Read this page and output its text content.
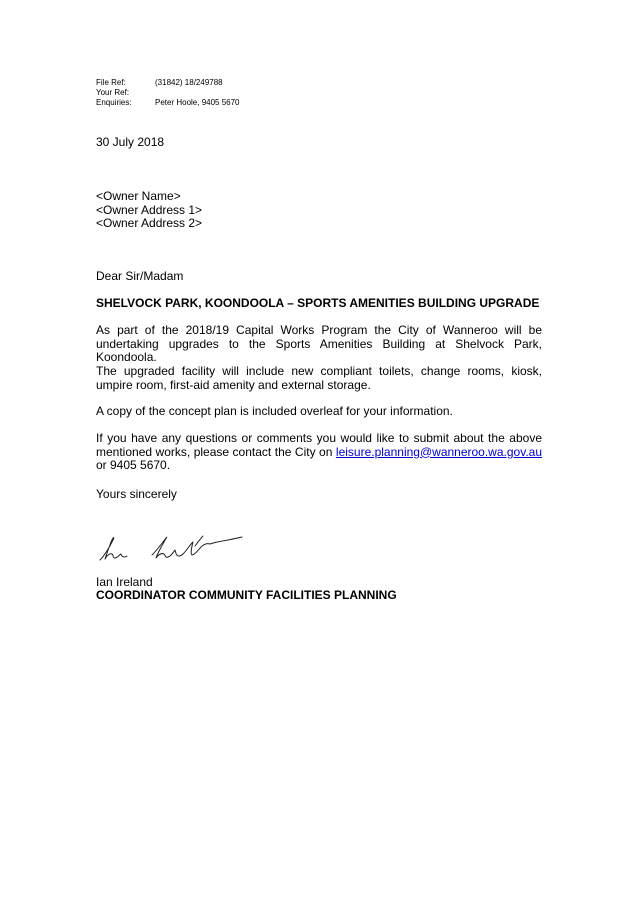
File Ref:	(31842) 18/249788
Your Ref:
Enquiries:	Peter Hoole, 9405 5670
30 July 2018
<Owner Name>
<Owner Address 1>
<Owner Address 2>
Dear Sir/Madam
SHELVOCK PARK, KOONDOOLA – SPORTS AMENITIES BUILDING UPGRADE
As part of the 2018/19 Capital Works Program the City of Wanneroo will be undertaking upgrades to the Sports Amenities Building at Shelvock Park, Koondoola.
The upgraded facility will include new compliant toilets, change rooms, kiosk, umpire room, first-aid amenity and external storage.
A copy of the concept plan is included overleaf for your information.
If you have any questions or comments you would like to submit about the above mentioned works, please contact the City on leisure.planning@wanneroo.wa.gov.au or 9405 5670.
Yours sincerely
Ian Ireland
COORDINATOR COMMUNITY FACILITIES PLANNING
